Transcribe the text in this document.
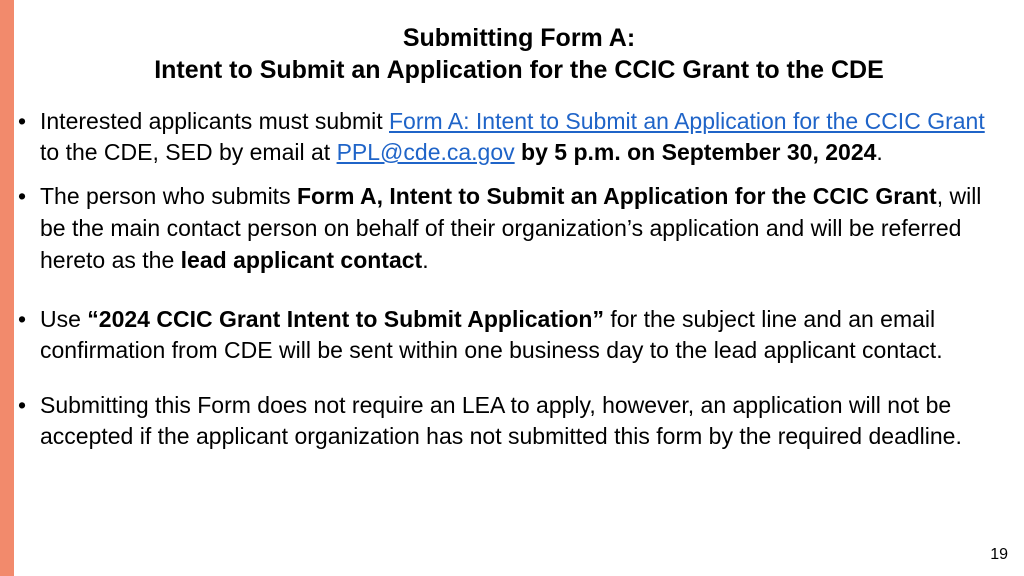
Submitting Form A:
Intent to Submit an Application for the CCIC Grant to the CDE
• Interested applicants must submit Form A: Intent to Submit an Application for the CCIC Grant to the CDE, SED by email at PPL@cde.ca.gov by 5 p.m. on September 30, 2024.
• The person who submits Form A, Intent to Submit an Application for the CCIC Grant, will be the main contact person on behalf of their organization’s application and will be referred hereto as the lead applicant contact.
• Use “2024 CCIC Grant Intent to Submit Application” for the subject line and an email confirmation from CDE will be sent within one business day to the lead applicant contact.
• Submitting this Form does not require an LEA to apply, however, an application will not be accepted if the applicant organization has not submitted this form by the required deadline.
19
